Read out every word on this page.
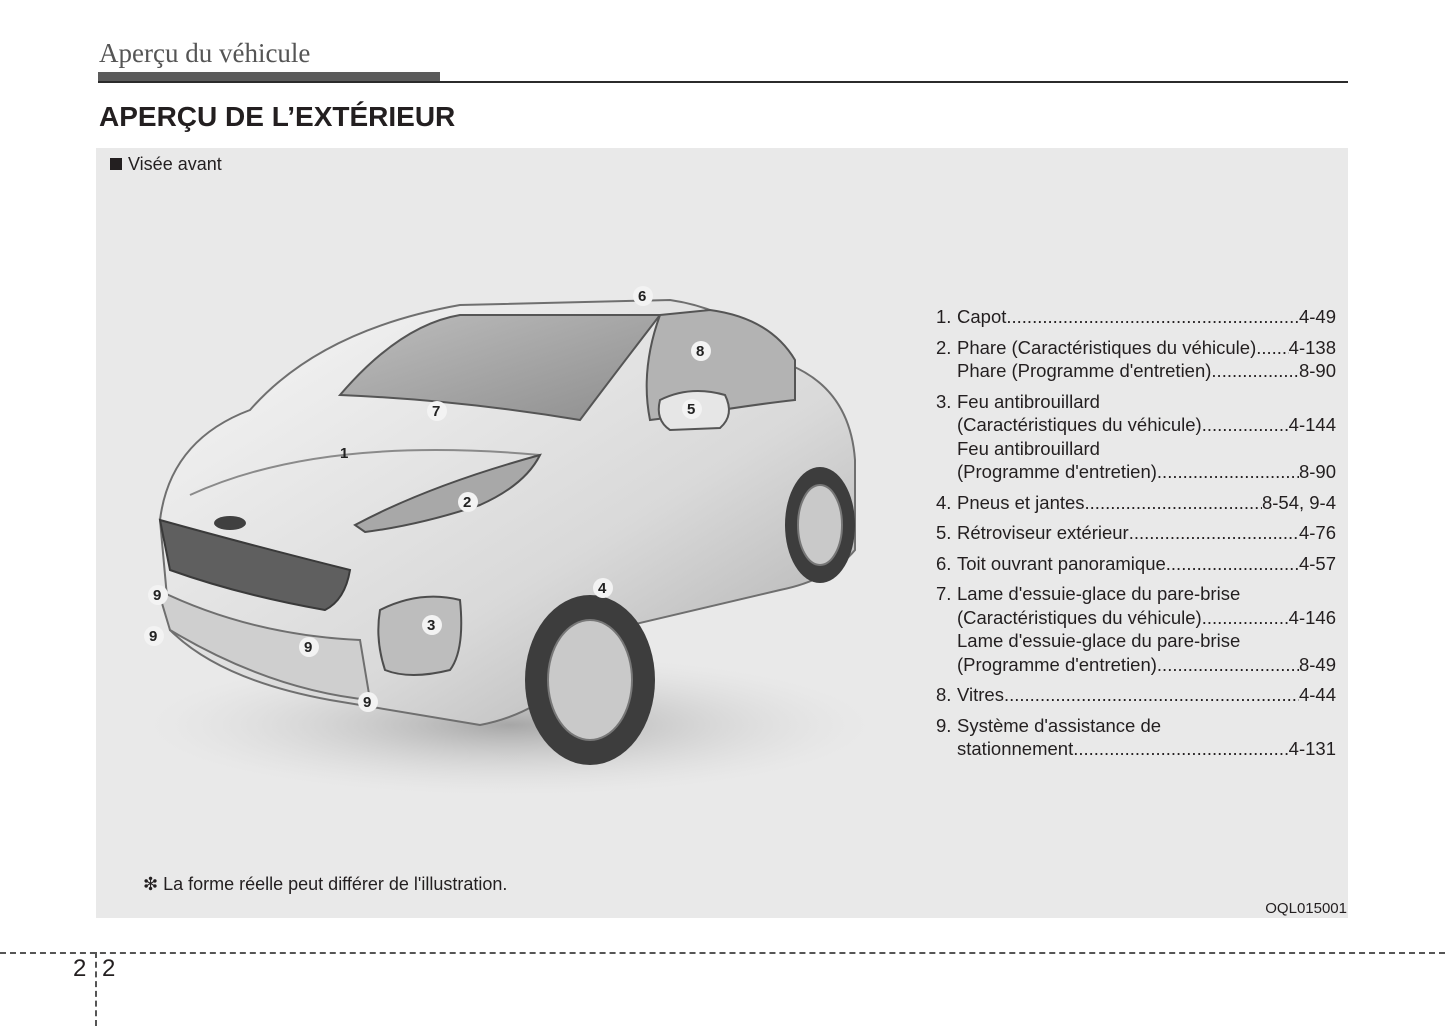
Aperçu du véhicule
APERÇU DE L’EXTÉRIEUR
Visée avant
1
2
3
4
5
6
7
8
9
9
9
9
1. Capot .....	4-49
2. Phare (Caractéristiques du véhicule) ..... 4-138
Phare (Programme d'entretien) .....	8-90
3. Feu antibrouillard
(Caractéristiques du véhicule) .....	4-144
Feu antibrouillard
(Programme d'entretien) .....	8-90
4. Pneus et jantes .....	8-54, 9-4
5. Rétroviseur extérieur .....	4-76
6. Toit ouvrant panoramique .....	4-57
7. Lame d'essuie-glace du pare-brise
(Caractéristiques du véhicule) .....	4-146
Lame d'essuie-glace du pare-brise
(Programme d'entretien) .....	8-49
8. Vitres .....	4-44
9. Système d'assistance de
stationnement .....	4-131
❇ La forme réelle peut différer de l'illustration.
OQL015001
2 2
